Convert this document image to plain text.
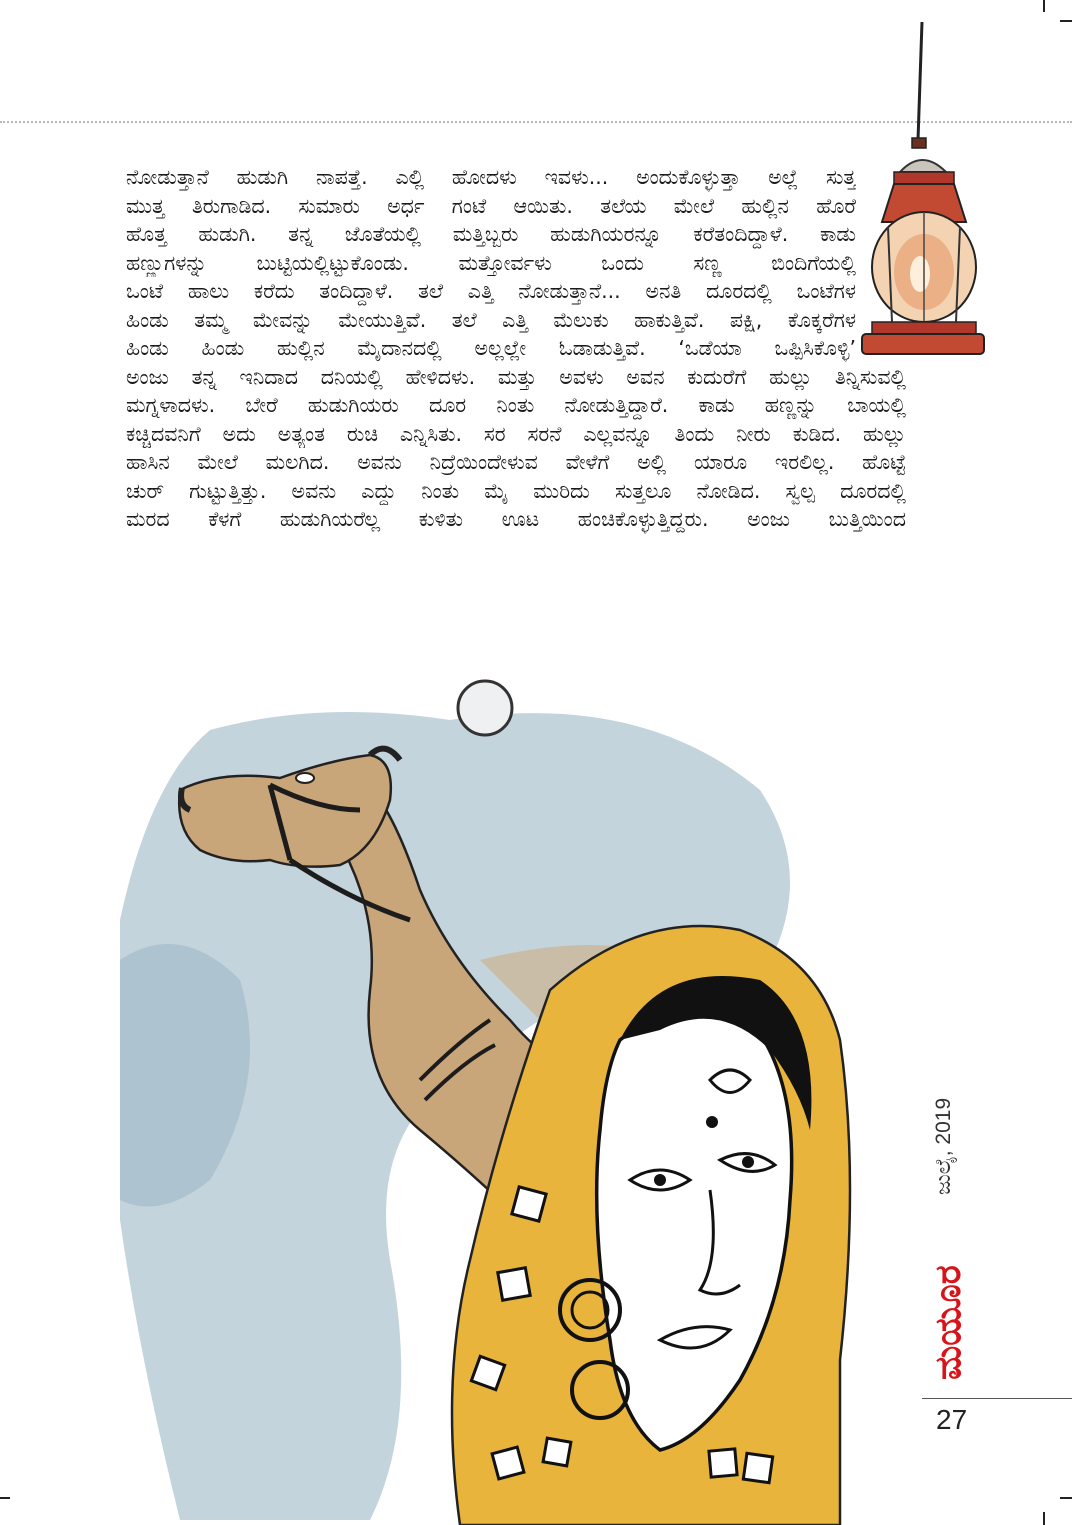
ನೋಡುತ್ತಾನೆ ಹುಡುಗಿ ನಾಪತ್ತೆ. ಎಲ್ಲಿ ಹೋದಳು ಇವಳು... ಅಂದುಕೊಳ್ಳುತ್ತಾ ಅಲ್ಲೆ ಸುತ್ತ
ಮುತ್ತ ತಿರುಗಾಡಿದ. ಸುಮಾರು ಅರ್ಧ ಗಂಟೆ ಆಯಿತು. ತಲೆಯ ಮೇಲೆ ಹುಲ್ಲಿನ ಹೊರೆ
ಹೊತ್ತ ಹುಡುಗಿ. ತನ್ನ ಜೊತೆಯಲ್ಲಿ ಮತ್ತಿಬ್ಬರು ಹುಡುಗಿಯರನ್ನೂ ಕರೆತಂದಿದ್ದಾಳೆ. ಕಾಡು
ಹಣ್ಣುಗಳನ್ನು ಬುಟ್ಟಿಯಲ್ಲಿಟ್ಟುಕೊಂಡು. ಮತ್ತೋರ್ವಳು ಒಂದು ಸಣ್ಣ ಬಿಂದಿಗೆಯಲ್ಲಿ
ಒಂಟೆ ಹಾಲು ಕರೆದು ತಂದಿದ್ದಾಳೆ. ತಲೆ ಎತ್ತಿ ನೋಡುತ್ತಾನೆ... ಅನತಿ ದೂರದಲ್ಲಿ ಒಂಟೆಗಳ
ಹಿಂಡು ತಮ್ಮ ಮೇವನ್ನು ಮೇಯುತ್ತಿವೆ. ತಲೆ ಎತ್ತಿ ಮೆಲುಕು ಹಾಕುತ್ತಿವೆ. ಪಕ್ಷಿ, ಕೊಕ್ಕರೆಗಳ
ಹಿಂಡು ಹಿಂಡು ಹುಲ್ಲಿನ ಮೈದಾನದಲ್ಲಿ ಅಲ್ಲಲ್ಲೇ ಓಡಾಡುತ್ತಿವೆ. ‘ಒಡೆಯಾ ಒಪ್ಪಿಸಿಕೊಳ್ಳಿ’
ಅಂಜು ತನ್ನ ಇನಿದಾದ ದನಿಯಲ್ಲಿ ಹೇಳಿದಳು. ಮತ್ತು ಅವಳು ಅವನ ಕುದುರೆಗೆ ಹುಲ್ಲು ತಿನ್ನಿಸುವಲ್ಲಿ
ಮಗ್ನಳಾದಳು. ಬೇರೆ ಹುಡುಗಿಯರು ದೂರ ನಿಂತು ನೋಡುತ್ತಿದ್ದಾರೆ. ಕಾಡು ಹಣ್ಣನ್ನು ಬಾಯಲ್ಲಿ
ಕಚ್ಚಿದವನಿಗೆ ಅದು ಅತ್ಯಂತ ರುಚಿ ಎನ್ನಿಸಿತು. ಸರ ಸರನೆ ಎಲ್ಲವನ್ನೂ ತಿಂದು ನೀರು ಕುಡಿದ. ಹುಲ್ಲು
ಹಾಸಿನ ಮೇಲೆ ಮಲಗಿದ. ಅವನು ನಿದ್ರೆಯಿಂದೇಳುವ ವೇಳೆಗೆ ಅಲ್ಲಿ ಯಾರೂ ಇರಲಿಲ್ಲ. ಹೊಟ್ಟೆ
ಚುರ್ ಗುಟ್ಟುತ್ತಿತ್ತು. ಅವನು ಎದ್ದು ನಿಂತು ಮೈ ಮುರಿದು ಸುತ್ತಲೂ ನೋಡಿದ. ಸ್ವಲ್ಪ ದೂರದಲ್ಲಿ
ಮರದ ಕೆಳಗೆ ಹುಡುಗಿಯರೆಲ್ಲ ಕುಳಿತು ಊಟ ಹಂಚಿಕೊಳ್ಳುತ್ತಿದ್ದರು. ಅಂಜು ಬುತ್ತಿಯಿಂದ
ಜುಲೈ, 2019
ಮಯೂರ
27
